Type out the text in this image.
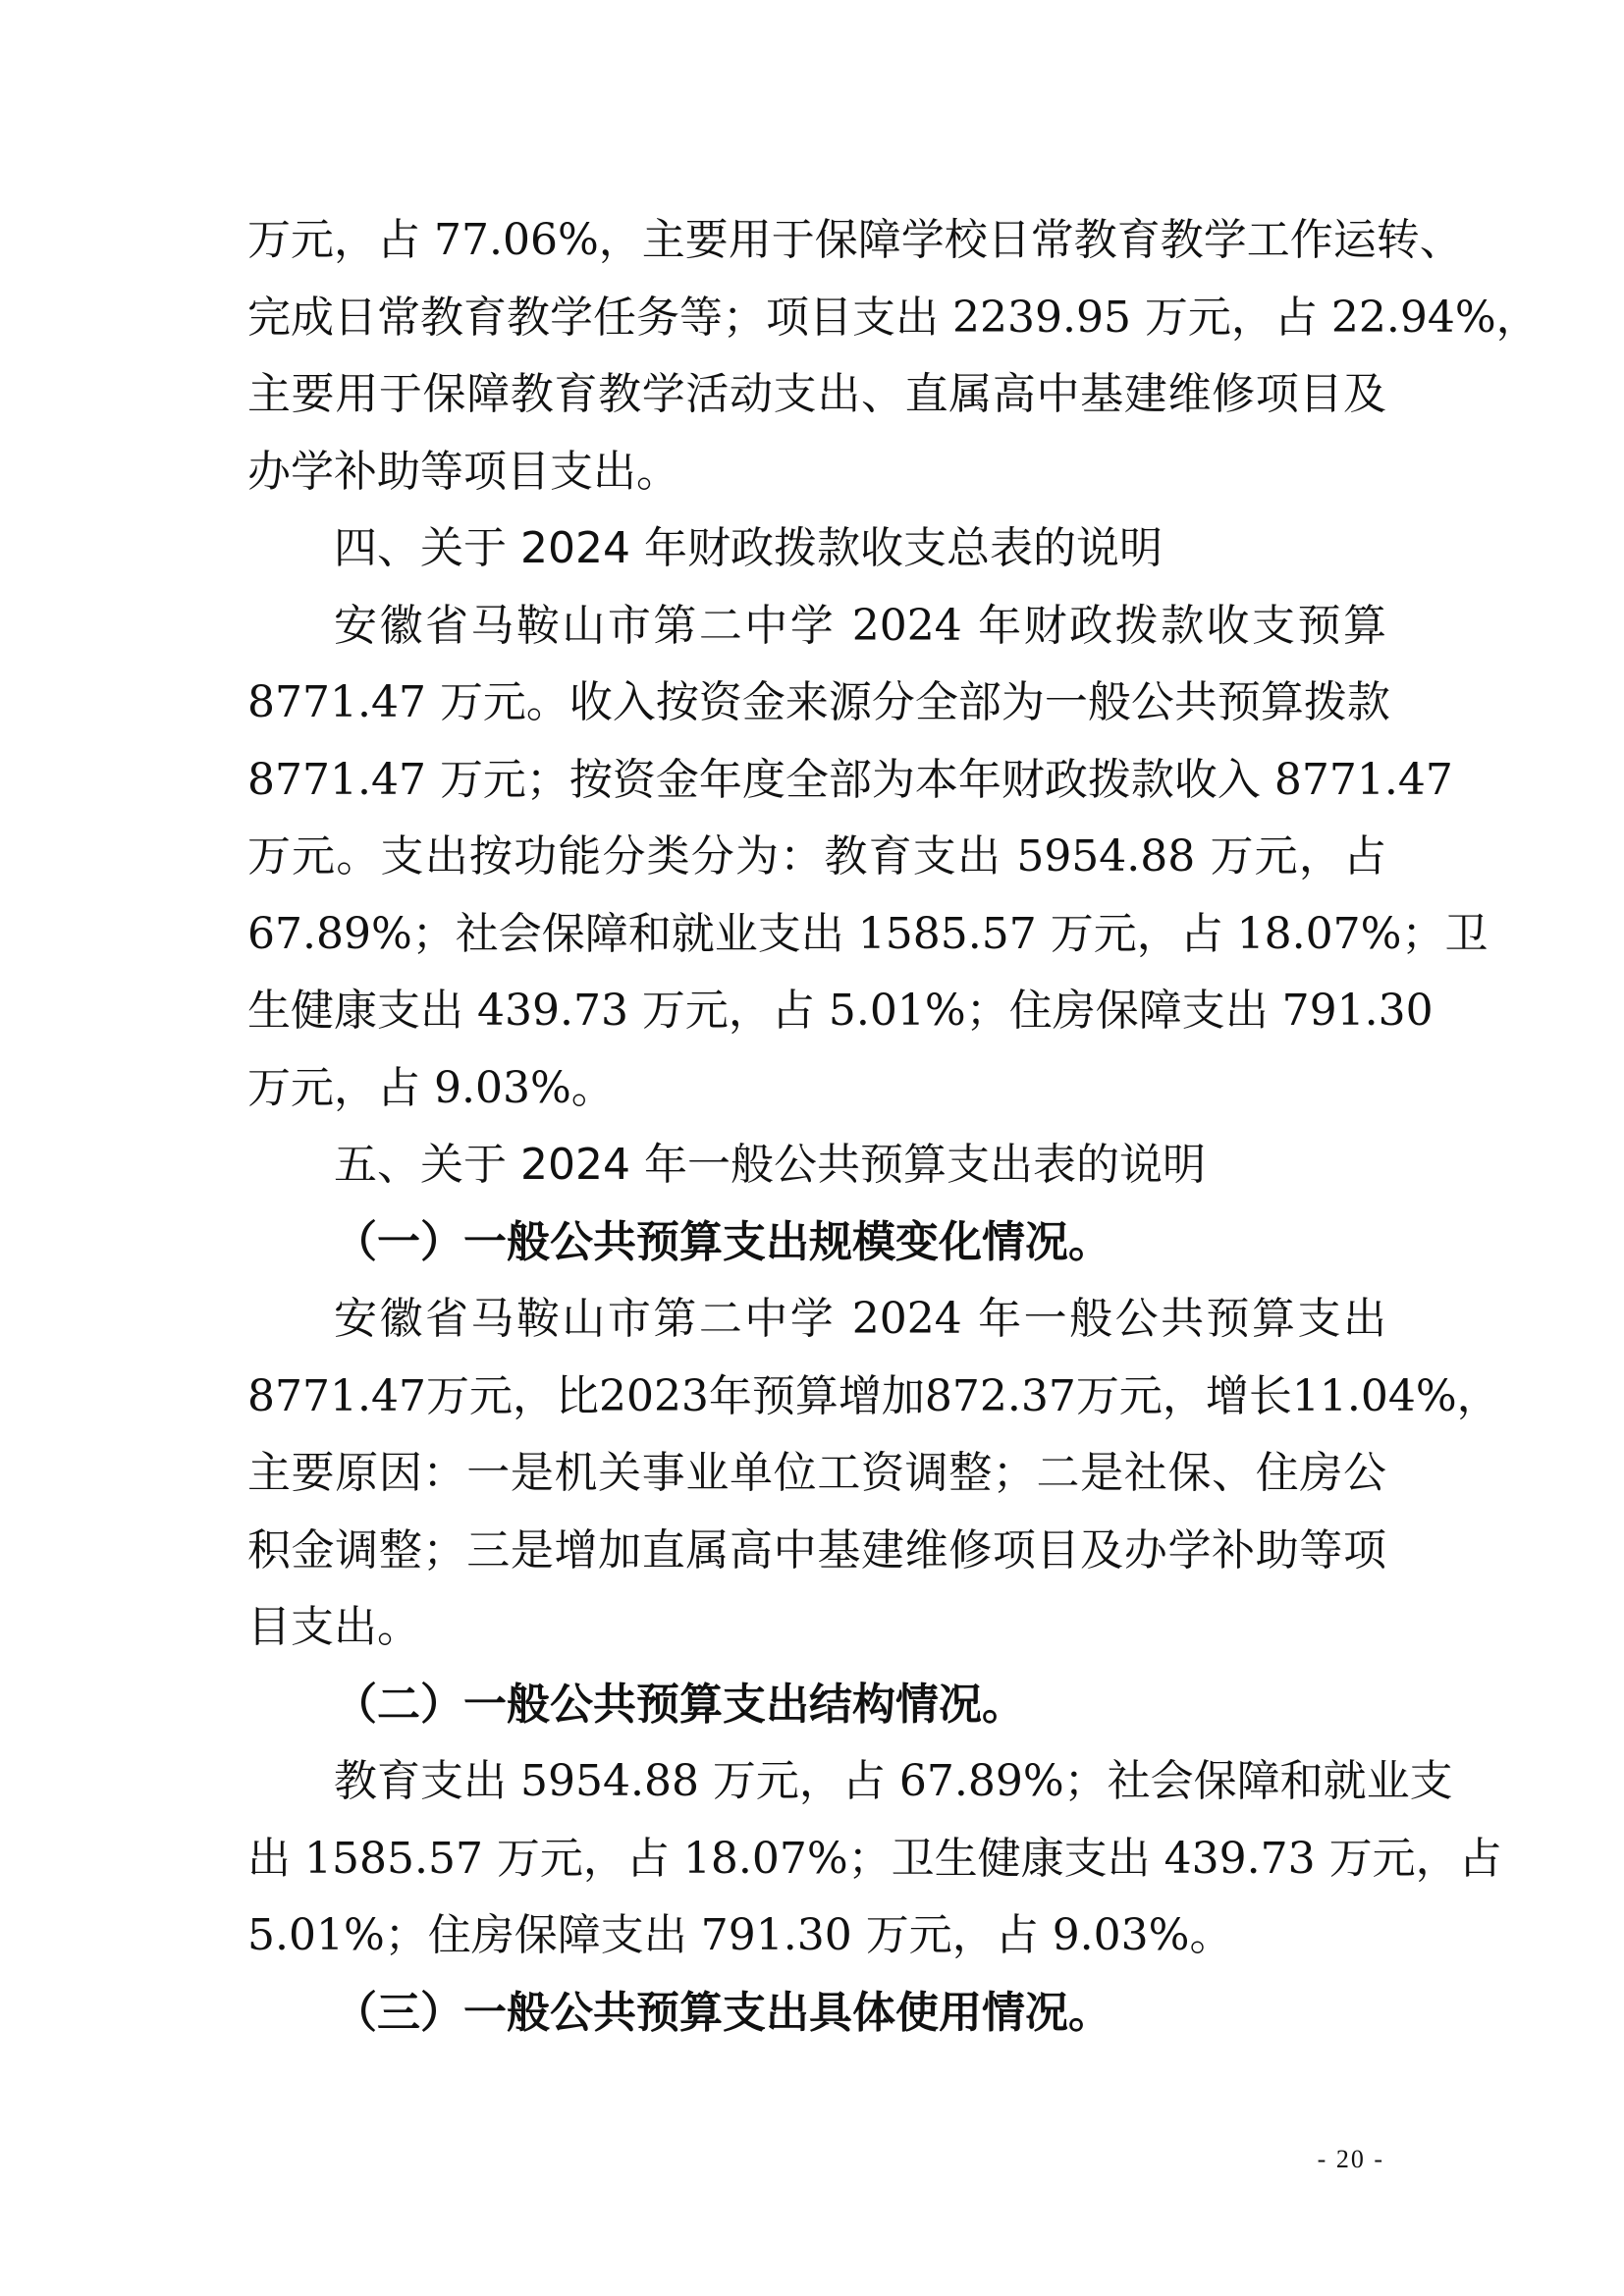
万元，占 77.06%，主要用于保障学校日常教育教学工作运转、
完成日常教育教学任务等；项目支出 2239.95 万元，占 22.94%，
主要用于保障教育教学活动支出、直属高中基建维修项目及
办学补助等项目支出。
四、关于 2024 年财政拨款收支总表的说明
安徽省马鞍山市第二中学 2024 年财政拨款收支预算
8771.47 万元。收入按资金来源分全部为一般公共预算拨款
8771.47 万元；按资金年度全部为本年财政拨款收入 8771.47
万元。支出按功能分类分为：教育支出 5954.88 万元，占
67.89%；社会保障和就业支出 1585.57 万元，占 18.07%；卫
生健康支出 439.73 万元，占 5.01%；住房保障支出 791.30
万元，占 9.03%。
五、关于 2024 年一般公共预算支出表的说明
（一）一般公共预算支出规模变化情况。
安徽省马鞍山市第二中学 2024 年一般公共预算支出
8771.47万元，比2023年预算增加872.37万元，增长11.04%，
主要原因：一是机关事业单位工资调整；二是社保、住房公
积金调整；三是增加直属高中基建维修项目及办学补助等项
目支出。
（二）一般公共预算支出结构情况。
教育支出 5954.88 万元，占 67.89%；社会保障和就业支
出 1585.57 万元，占 18.07%；卫生健康支出 439.73 万元，占
5.01%；住房保障支出 791.30 万元，占 9.03%。
（三）一般公共预算支出具体使用情况。
- 20 -
